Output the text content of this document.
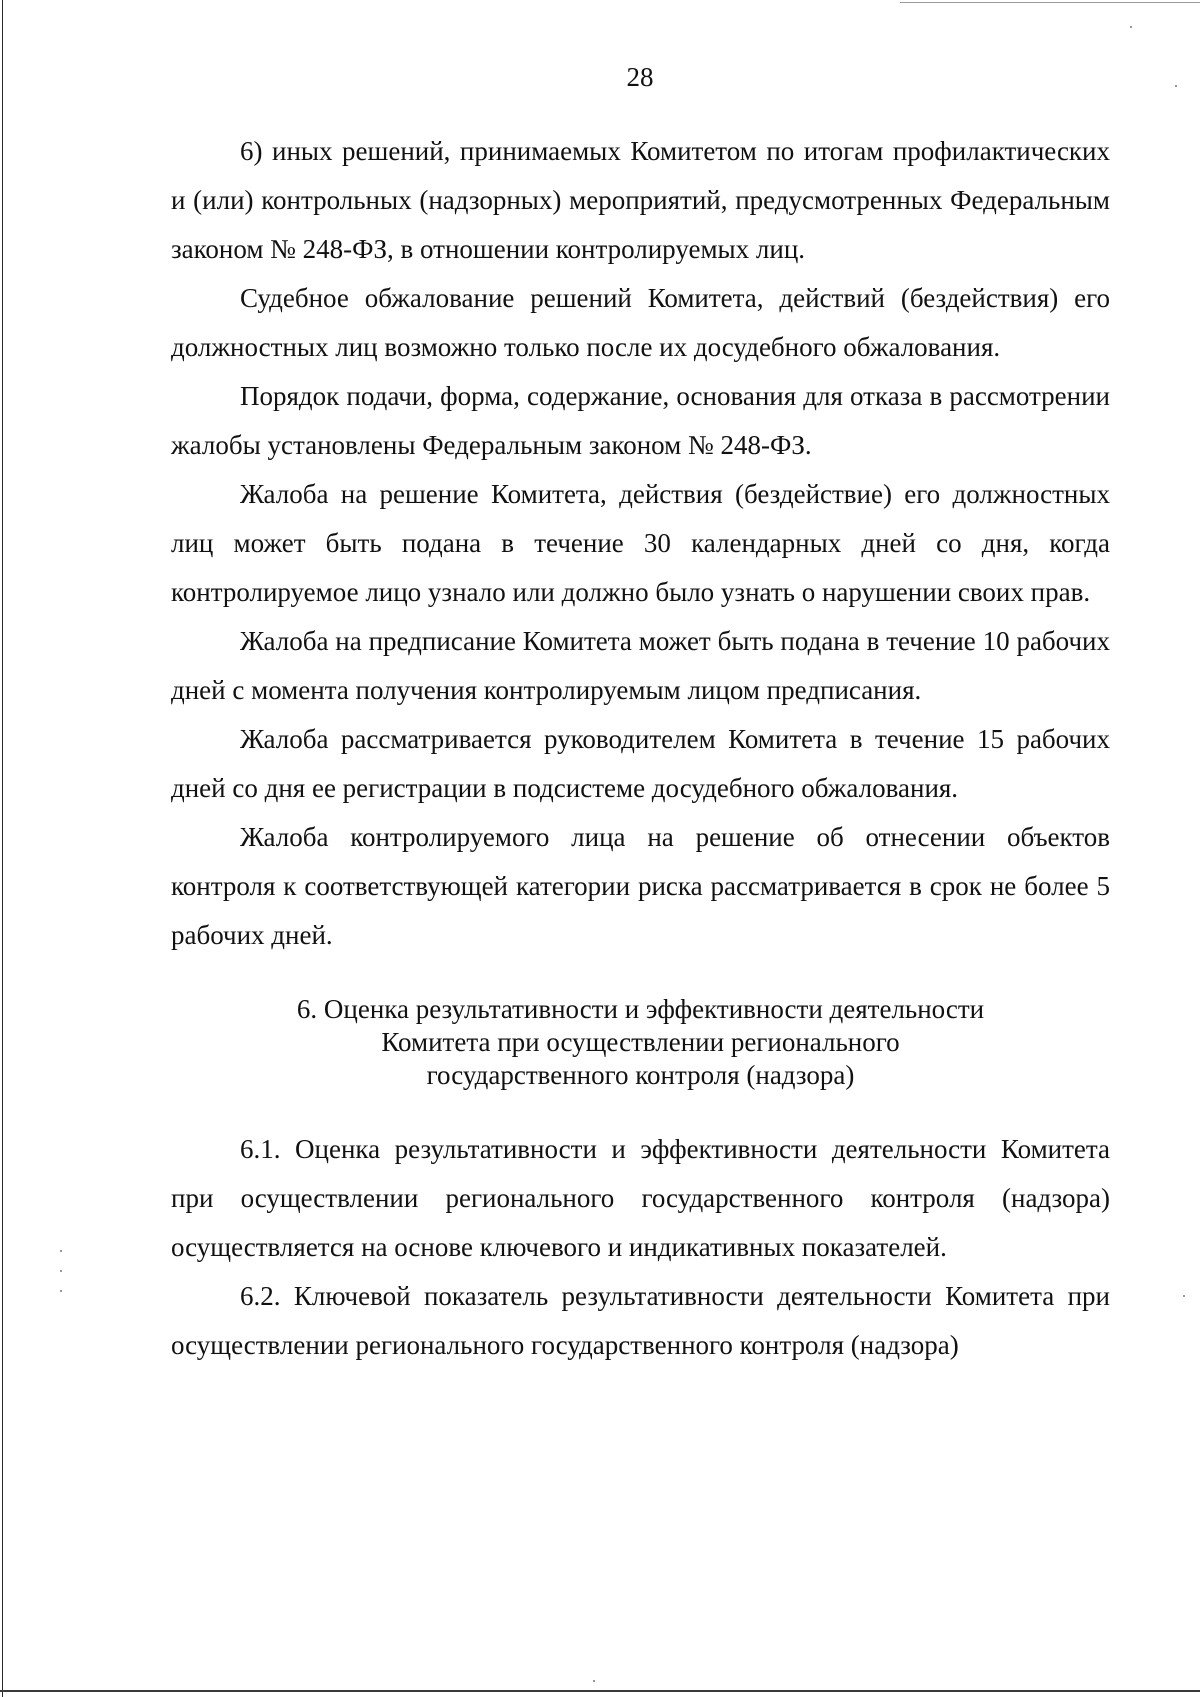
28

6) иных решений, принимаемых Комитетом по итогам профилактических и (или) контрольных (надзорных) мероприятий, предусмотренных Федеральным законом № 248-ФЗ, в отношении контролируемых лиц.

Судебное обжалование решений Комитета, действий (бездействия) его должностных лиц возможно только после их досудебного обжалования.

Порядок подачи, форма, содержание, основания для отказа в рассмотрении жалобы установлены Федеральным законом № 248-ФЗ.

Жалоба на решение Комитета, действия (бездействие) его должностных лиц может быть подана в течение 30 календарных дней со дня, когда контролируемое лицо узнало или должно было узнать о нарушении своих прав.

Жалоба на предписание Комитета может быть подана в течение 10 рабочих дней с момента получения контролируемым лицом предписания.

Жалоба рассматривается руководителем Комитета в течение 15 рабочих дней со дня ее регистрации в подсистеме досудебного обжалования.

Жалоба контролируемого лица на решение об отнесении объектов контроля к соответствующей категории риска рассматривается в срок не более 5 рабочих дней.

6. Оценка результативности и эффективности деятельности
Комитета при осуществлении регионального
государственного контроля (надзора)

6.1. Оценка результативности и эффективности деятельности Комитета при осуществлении регионального государственного контроля (надзора) осуществляется на основе ключевого и индикативных показателей.

6.2. Ключевой показатель результативности деятельности Комитета при осуществлении регионального государственного контроля (надзора)
